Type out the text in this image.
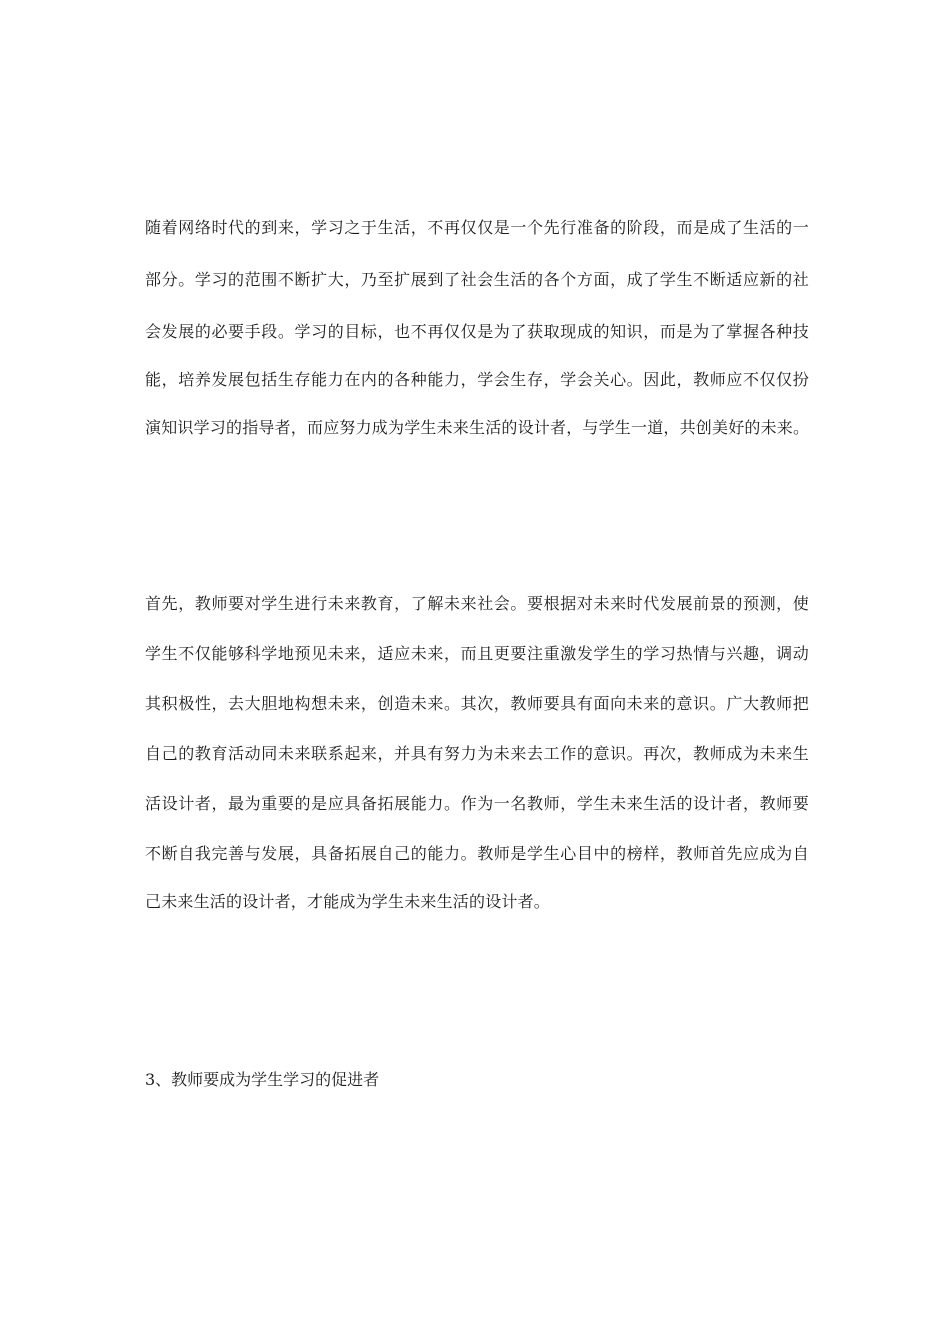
随着网络时代的到来，学习之于生活，不再仅仅是一个先行准备的阶段，而是成了生活的一
部分。学习的范围不断扩大，乃至扩展到了社会生活的各个方面，成了学生不断适应新的社
会发展的必要手段。学习的目标，也不再仅仅是为了获取现成的知识，而是为了掌握各种技
能，培养发展包括生存能力在内的各种能力，学会生存，学会关心。因此，教师应不仅仅扮
演知识学习的指导者，而应努力成为学生未来生活的设计者，与学生一道，共创美好的未来。
首先，教师要对学生进行未来教育，了解未来社会。要根据对未来时代发展前景的预测，使
学生不仅能够科学地预见未来，适应未来，而且更要注重激发学生的学习热情与兴趣，调动
其积极性，去大胆地构想未来，创造未来。其次，教师要具有面向未来的意识。广大教师把
自己的教育活动同未来联系起来，并具有努力为未来去工作的意识。再次，教师成为未来生
活设计者，最为重要的是应具备拓展能力。作为一名教师，学生未来生活的设计者，教师要
不断自我完善与发展，具备拓展自己的能力。教师是学生心目中的榜样，教师首先应成为自
己未来生活的设计者，才能成为学生未来生活的设计者。
3、教师要成为学生学习的促进者
